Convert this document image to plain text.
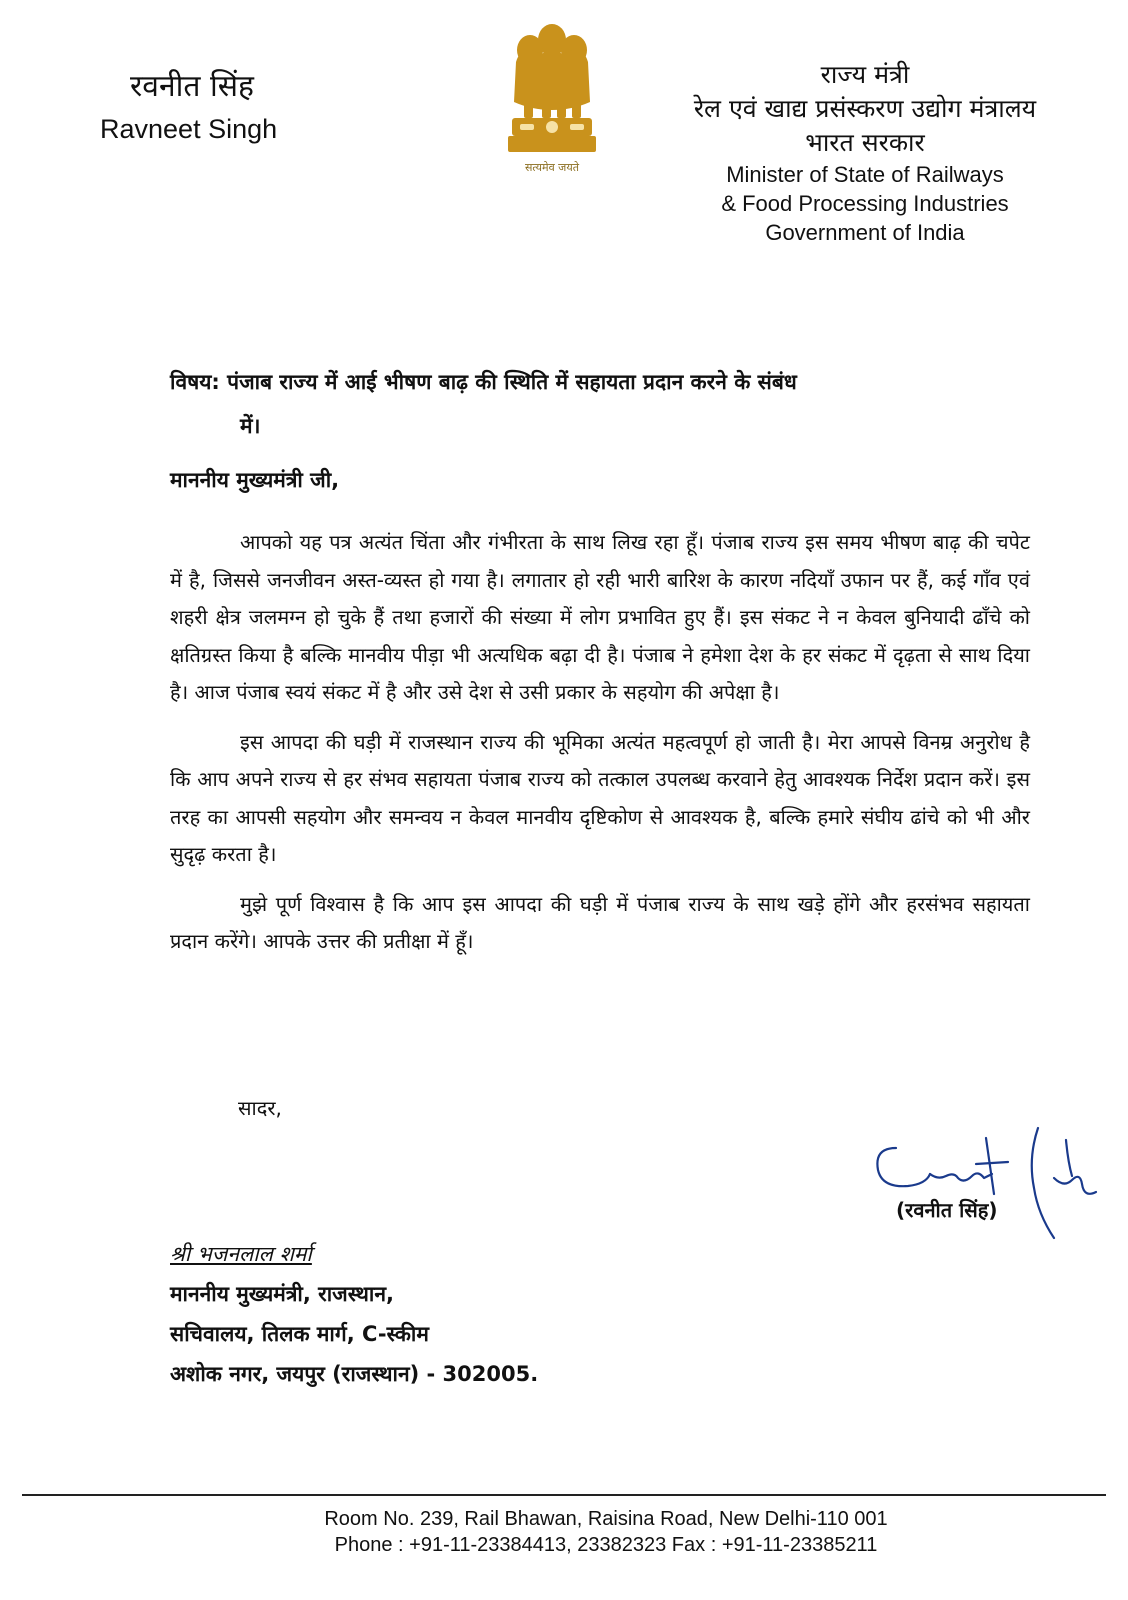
रवनीत सिंह
Ravneet Singh
सत्यमेव जयते
राज्य मंत्री
रेल एवं खाद्य प्रसंस्करण उद्योग मंत्रालय
भारत सरकार
Minister of State of Railways
& Food Processing Industries
Government of India
विषय: पंजाब राज्य में आई भीषण बाढ़ की स्थिति में सहायता प्रदान करने के संबंध
में।
माननीय मुख्यमंत्री जी,

आपको यह पत्र अत्यंत चिंता और गंभीरता के साथ लिख रहा हूँ। पंजाब राज्य इस समय भीषण बाढ़ की चपेट में है, जिससे जनजीवन अस्त-व्यस्त हो गया है। लगातार हो रही भारी बारिश के कारण नदियाँ उफान पर हैं, कई गाँव एवं शहरी क्षेत्र जलमग्न हो चुके हैं तथा हजारों की संख्या में लोग प्रभावित हुए हैं। इस संकट ने न केवल बुनियादी ढाँचे को क्षतिग्रस्त किया है बल्कि मानवीय पीड़ा भी अत्यधिक बढ़ा दी है। पंजाब ने हमेशा देश के हर संकट में दृढ़ता से साथ दिया है। आज पंजाब स्वयं संकट में है और उसे देश से उसी प्रकार के सहयोग की अपेक्षा है।

इस आपदा की घड़ी में राजस्थान राज्य की भूमिका अत्यंत महत्वपूर्ण हो जाती है। मेरा आपसे विनम्र अनुरोध है कि आप अपने राज्य से हर संभव सहायता पंजाब राज्य को तत्काल उपलब्ध करवाने हेतु आवश्यक निर्देश प्रदान करें। इस तरह का आपसी सहयोग और समन्वय न केवल मानवीय दृष्टिकोण से आवश्यक है, बल्कि हमारे संघीय ढांचे को भी और सुदृढ़ करता है।

मुझे पूर्ण विश्वास है कि आप इस आपदा की घड़ी में पंजाब राज्य के साथ खड़े होंगे और हरसंभव सहायता प्रदान करेंगे। आपके उत्तर की प्रतीक्षा में हूँ।

सादर,
(रवनीत सिंह)
श्री भजनलाल शर्मा
माननीय मुख्यमंत्री, राजस्थान,
सचिवालय, तिलक मार्ग, C-स्कीम
अशोक नगर, जयपुर (राजस्थान) - 302005.
Room No. 239, Rail Bhawan, Raisina Road, New Delhi-110 001
Phone : +91-11-23384413, 23382323 Fax : +91-11-23385211
